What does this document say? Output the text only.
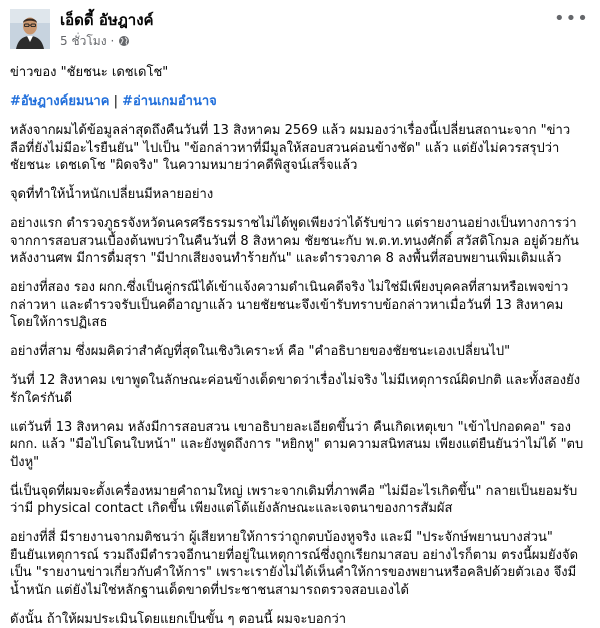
เอ็ดดี้ อัษฎางค์
5 ชั่วโมง ·
•••

ข่าวของ "ชัยชนะ เดชเดโช"

#อัษฎางค์ยมนาค | #อ่านเกมอำนาจ

หลังจากผมได้ข้อมูลล่าสุดถึงคืนวันที่ 13 สิงหาคม 2569 แล้ว ผมมองว่าเรื่องนี้เปลี่ยนสถานะจาก "ข่าวลือที่ยังไม่มีอะไรยืนยัน" ไปเป็น "ข้อกล่าวหาที่มีมูลให้สอบสวนค่อนข้างชัด" แล้ว แต่ยังไม่ควรสรุปว่า ชัยชนะ เดชเดโช "ผิดจริง" ในความหมายว่าคดีพิสูจน์เสร็จแล้ว

จุดที่ทำให้น้ำหนักเปลี่ยนมีหลายอย่าง

อย่างแรก ตำรวจภูธรจังหวัดนครศรีธรรมราชไม่ได้พูดเพียงว่าได้รับข่าว แต่รายงานอย่างเป็นทางการว่า จากการสอบสวนเบื้องต้นพบว่าในคืนวันที่ 8 สิงหาคม ชัยชนะกับ พ.ต.ท.ทนงศักดิ์ สวัสดิโกมล อยู่ด้วยกันหลังงานศพ มีการดื่มสุรา "มีปากเสียงจนทำร้ายกัน" และตำรวจภาค 8 ลงพื้นที่สอบพยานเพิ่มเติมแล้ว

อย่างที่สอง รอง ผกก.ซึ่งเป็นคู่กรณีได้เข้าแจ้งความดำเนินคดีจริง ไม่ใช่มีเพียงบุคคลที่สามหรือเพจข่าวกล่าวหา และตำรวจรับเป็นคดีอาญาแล้ว นายชัยชนะจึงเข้ารับทราบข้อกล่าวหาเมื่อวันที่ 13 สิงหาคม โดยให้การปฏิเสธ

อย่างที่สาม ซึ่งผมคิดว่าสำคัญที่สุดในเชิงวิเคราะห์ คือ "คำอธิบายของชัยชนะเองเปลี่ยนไป"

วันที่ 12 สิงหาคม เขาพูดในลักษณะค่อนข้างเด็ดขาดว่าเรื่องไม่จริง ไม่มีเหตุการณ์ผิดปกติ และทั้งสองยังรักใคร่กันดี

แต่วันที่ 13 สิงหาคม หลังมีการสอบสวน เขาอธิบายละเอียดขึ้นว่า คืนเกิดเหตุเขา "เข้าไปกอดคอ" รอง ผกก. แล้ว "มือไปโดนใบหน้า" และยังพูดถึงการ "หยิกหู" ตามความสนิทสนม เพียงแต่ยืนยันว่าไม่ได้ "ตบปังหู"

นี่เป็นจุดที่ผมจะตั้งเครื่องหมายคำถามใหญ่ เพราะจากเดิมที่ภาพคือ "ไม่มีอะไรเกิดขึ้น" กลายเป็นยอมรับว่ามี physical contact เกิดขึ้น เพียงแต่โต้แย้งลักษณะและเจตนาของการสัมผัส

อย่างที่สี่ มีรายงานจากมติชนว่า ผู้เสียหายให้การว่าถูกตบบ้องหูจริง และมี "ประจักษ์พยานบางส่วน" ยืนยันเหตุการณ์ รวมถึงมีตำรวจอีกนายที่อยู่ในเหตุการณ์ซึ่งถูกเรียกมาสอบ อย่างไรก็ตาม ตรงนี้ผมยังจัดเป็น "รายงานข่าวเกี่ยวกับคำให้การ" เพราะเรายังไม่ได้เห็นคำให้การของพยานหรือคลิปด้วยตัวเอง จึงมีน้ำหนัก แต่ยังไม่ใช่หลักฐานเด็ดขาดที่ประชาชนสามารถตรวจสอบเองได้

ดังนั้น ถ้าให้ผมประเมินโดยแยกเป็นขั้น ๆ ตอนนี้ ผมจะบอกว่า
